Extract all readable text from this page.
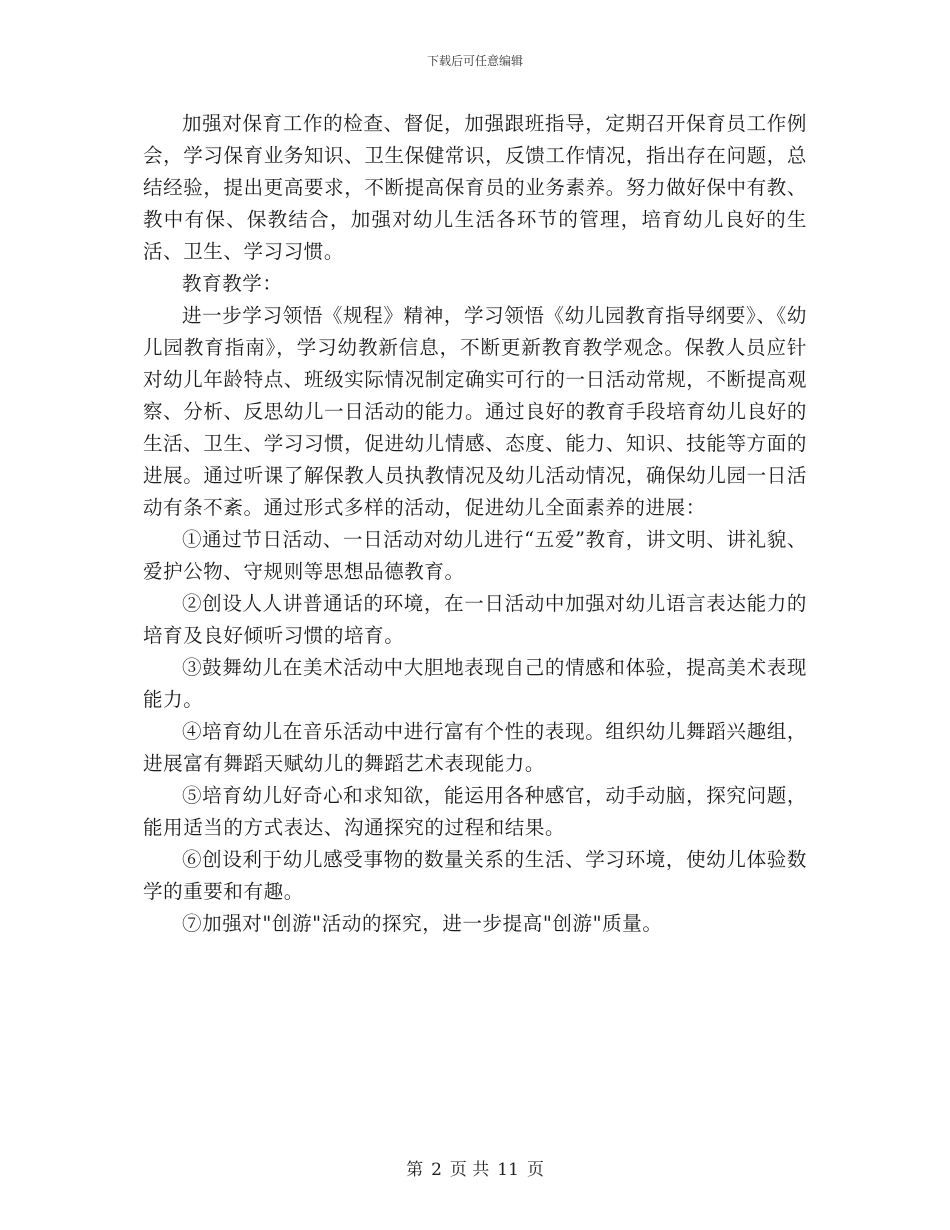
下载后可任意编辑

加强对保育工作的检查、督促，加强跟班指导，定期召开保育员工作例会，学习保育业务知识、卫生保健常识，反馈工作情况，指出存在问题，总结经验，提出更高要求，不断提高保育员的业务素养。努力做好保中有教、教中有保、保教结合，加强对幼儿生活各环节的管理，培育幼儿良好的生活、卫生、学习习惯。

教育教学：

进一步学习领悟《规程》精神，学习领悟《幼儿园教育指导纲要》、《幼儿园教育指南》，学习幼教新信息，不断更新教育教学观念。保教人员应针对幼儿年龄特点、班级实际情况制定确实可行的一日活动常规，不断提高观察、分析、反思幼儿一日活动的能力。通过良好的教育手段培育幼儿良好的生活、卫生、学习习惯，促进幼儿情感、态度、能力、知识、技能等方面的进展。通过听课了解保教人员执教情况及幼儿活动情况，确保幼儿园一日活动有条不紊。通过形式多样的活动，促进幼儿全面素养的进展：

①通过节日活动、一日活动对幼儿进行“五爱”教育，讲文明、讲礼貌、爱护公物、守规则等思想品德教育。

②创设人人讲普通话的环境，在一日活动中加强对幼儿语言表达能力的培育及良好倾听习惯的培育。

③鼓舞幼儿在美术活动中大胆地表现自己的情感和体验，提高美术表现能力。

④培育幼儿在音乐活动中进行富有个性的表现。组织幼儿舞蹈兴趣组，进展富有舞蹈天赋幼儿的舞蹈艺术表现能力。

⑤培育幼儿好奇心和求知欲，能运用各种感官，动手动脑，探究问题，能用适当的方式表达、沟通探究的过程和结果。

⑥创设利于幼儿感受事物的数量关系的生活、学习环境，使幼儿体验数学的重要和有趣。

⑦加强对"创游"活动的探究，进一步提高"创游"质量。

第 2 页 共 11 页
